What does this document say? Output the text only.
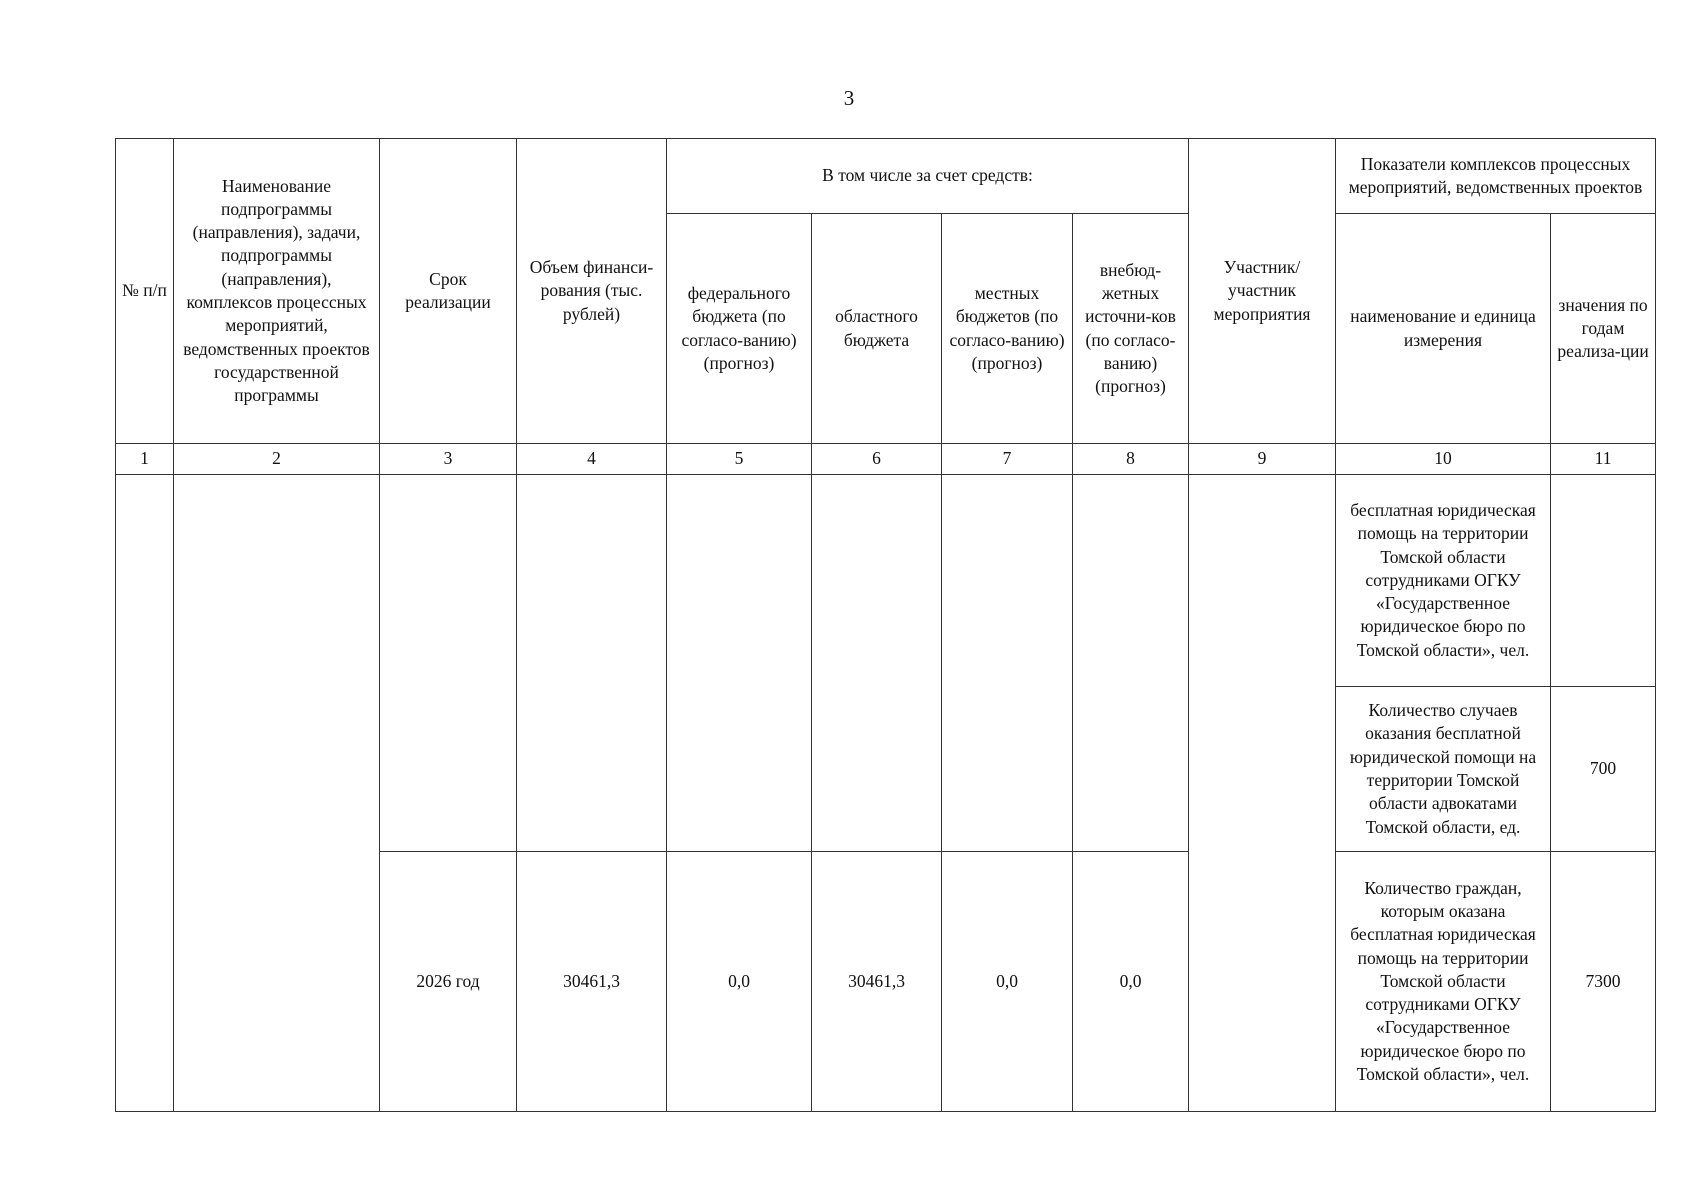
3
№ п/п	Наименование подпрограммы (направления), задачи, подпрограммы (направления), комплексов процессных мероприятий, ведомственных проектов государственной программы	Срок реализации	Объем финанси-рования (тыс. рублей)	В том числе за счет средств:				Участник/ участник мероприятия	Показатели комплексов процессных мероприятий, ведомственных проектов	
				федерального бюджета (по согласо-ванию) (прогноз)	областного бюджета	местных бюджетов (по согласо-ванию) (прогноз)	внебюд-жетных источни-ков (по согласо-ванию) (прогноз)		наименование и единица измерения	значения по годам реализа-ции
1	2	3	4	5	6	7	8	9	10	11
									бесплатная юридическая помощь на территории Томской области сотрудниками ОГКУ «Государственное юридическое бюро по Томской области», чел.	
									Количество случаев оказания бесплатной юридической помощи на территории Томской области адвокатами Томской области, ед.	700
		2026 год	30461,3	0,0	30461,3	0,0	0,0		Количество граждан, которым оказана бесплатная юридическая помощь на территории Томской области сотрудниками ОГКУ «Государственное юридическое бюро по Томской области», чел.	7300
